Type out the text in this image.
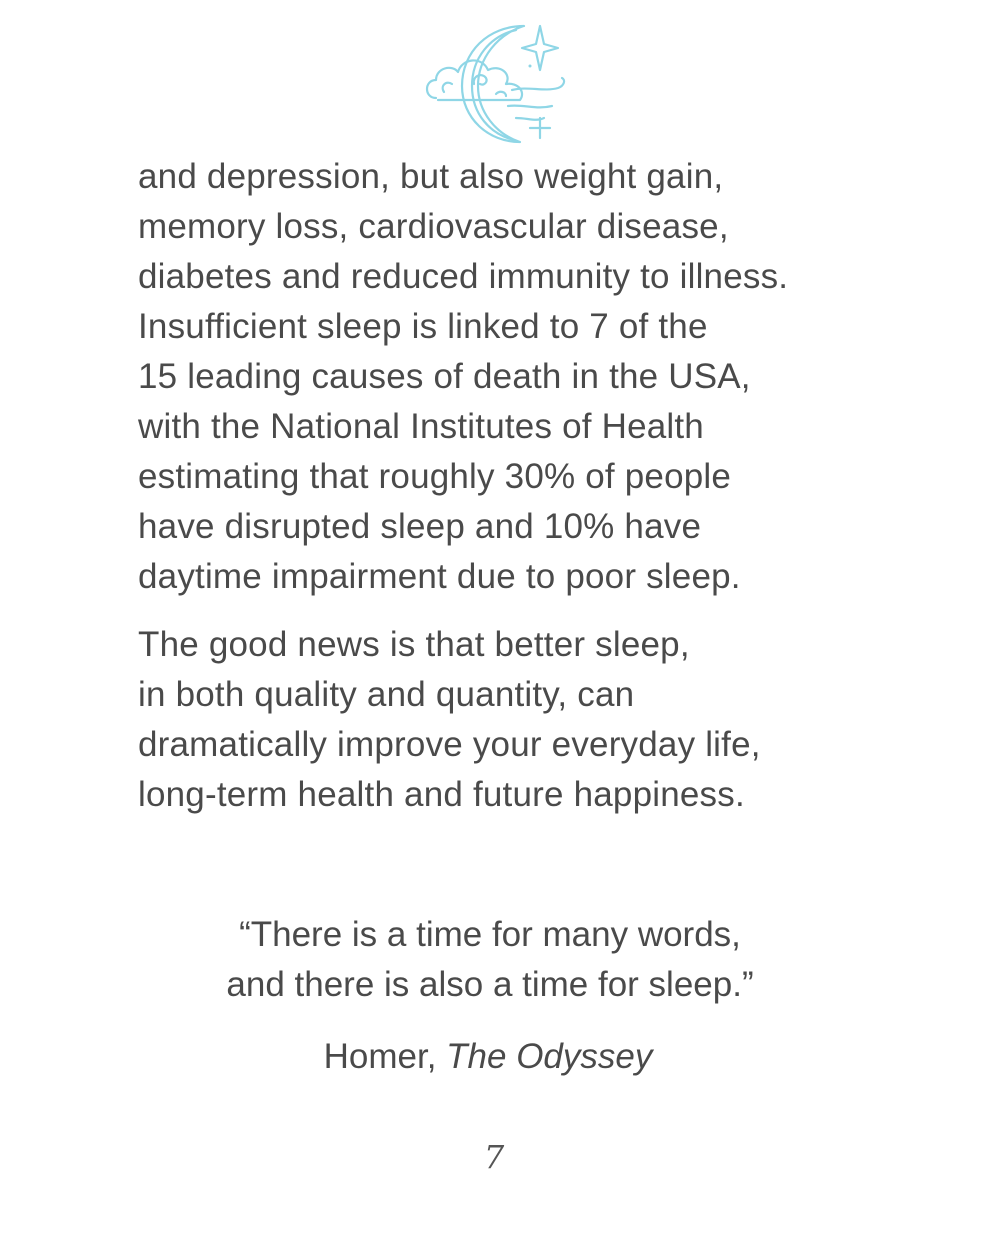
and depression, but also weight gain,
memory loss, cardiovascular disease,
diabetes and reduced immunity to illness.
Insufficient sleep is linked to 7 of the
15 leading causes of death in the USA,
with the National Institutes of Health
estimating that roughly 30% of people
have disrupted sleep and 10% have
daytime impairment due to poor sleep.
The good news is that better sleep,
in both quality and quantity, can
dramatically improve your everyday life,
long-term health and future happiness.
“There is a time for many words,
and there is also a time for sleep.”
Homer, The Odyssey
7
